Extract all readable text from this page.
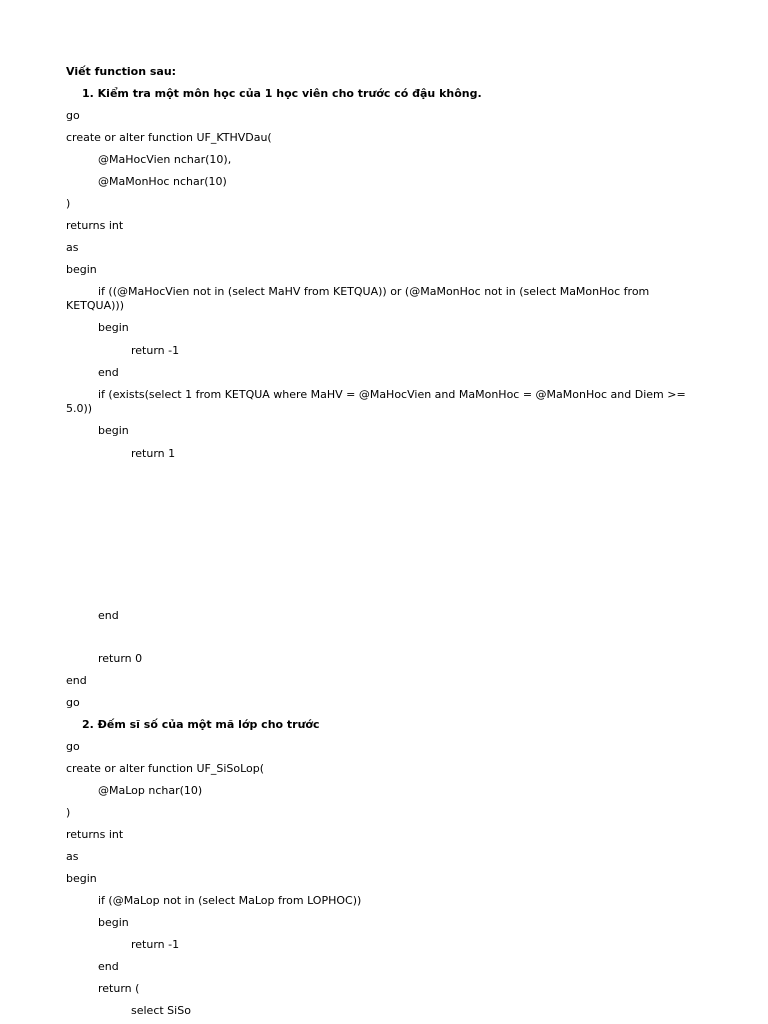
Viết function sau:
1. Kiểm tra một môn học của 1 học viên cho trước có đậu không.
go
create or alter function UF_KTHVDau(
@MaHocVien nchar(10),
@MaMonHoc nchar(10)
)
returns int
as
begin
if ((@MaHocVien not in (select MaHV from KETQUA)) or (@MaMonHoc not in (select MaMonHoc from KETQUA)))
begin
return -1
end
if (exists(select 1 from KETQUA where MaHV = @MaHocVien and MaMonHoc = @MaMonHoc and Diem >= 5.0))
begin
return 1
end
return 0
end
go
2. Đếm sĩ số của một mã lớp cho trước
go
create or alter function UF_SiSoLop(
@MaLop nchar(10)
)
returns int
as
begin
if (@MaLop not in (select MaLop from LOPHOC))
begin
return -1
end
return (
select SiSo
